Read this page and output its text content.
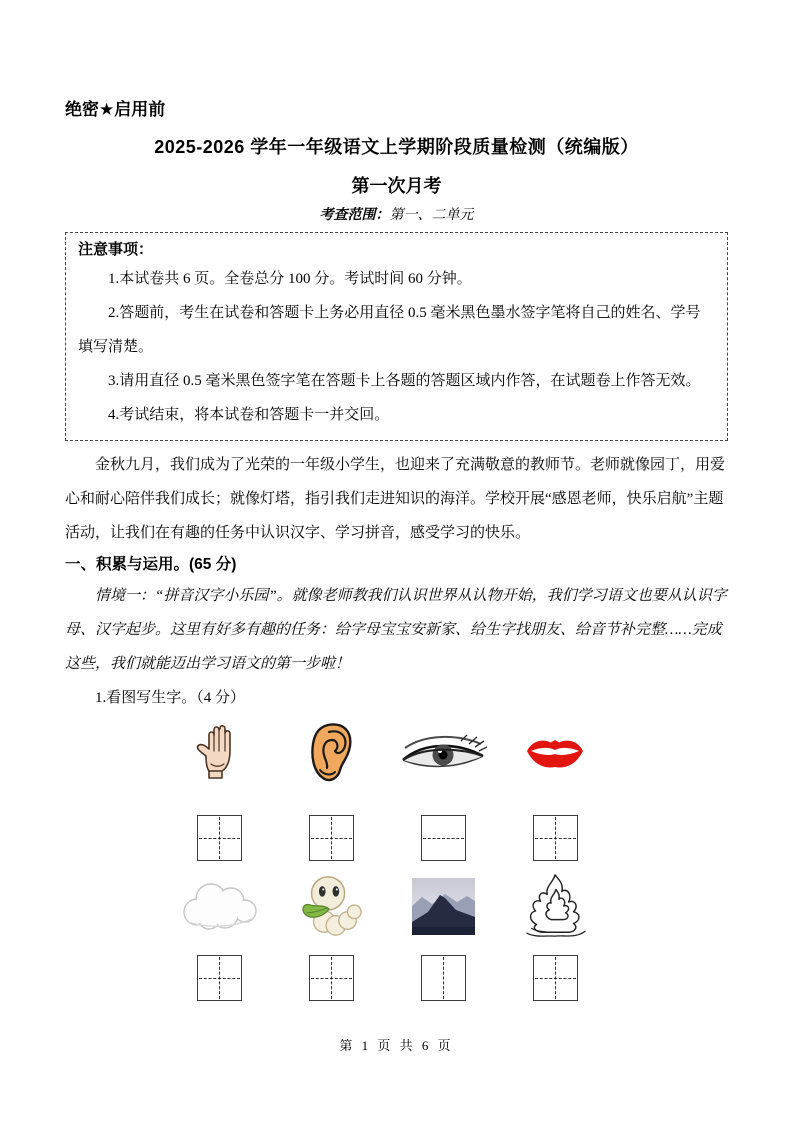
绝密★启用前
2025-2026 学年一年级语文上学期阶段质量检测（统编版）
第一次月考
考查范围：第一、二单元
注意事项：

1.本试卷共 6 页。全卷总分 100 分。考试时间 60 分钟。

2.答题前，考生在试卷和答题卡上务必用直径 0.5 毫米黑色墨水签字笔将自己的姓名、学号填写清楚。

3.请用直径 0.5 毫米黑色签字笔在答题卡上各题的答题区域内作答，在试题卷上作答无效。

4.考试结束，将本试卷和答题卡一并交回。

金秋九月，我们成为了光荣的一年级小学生，也迎来了充满敬意的教师节。老师就像园丁，用爱心和耐心陪伴我们成长；就像灯塔，指引我们走进知识的海洋。学校开展“感恩老师，快乐启航”主题活动，让我们在有趣的任务中认识汉字、学习拼音，感受学习的快乐。

一、积累与运用。(65 分)

情境一：“拼音汉字小乐园”。就像老师教我们认识世界从认物开始，我们学习语文也要从认识字母、汉字起步。这里有好多有趣的任务：给字母宝宝安新家、给生字找朋友、给音节补完整……完成这些，我们就能迈出学习语文的第一步啦！

1.看图写生字。（4 分）

第 1 页 共 6 页
